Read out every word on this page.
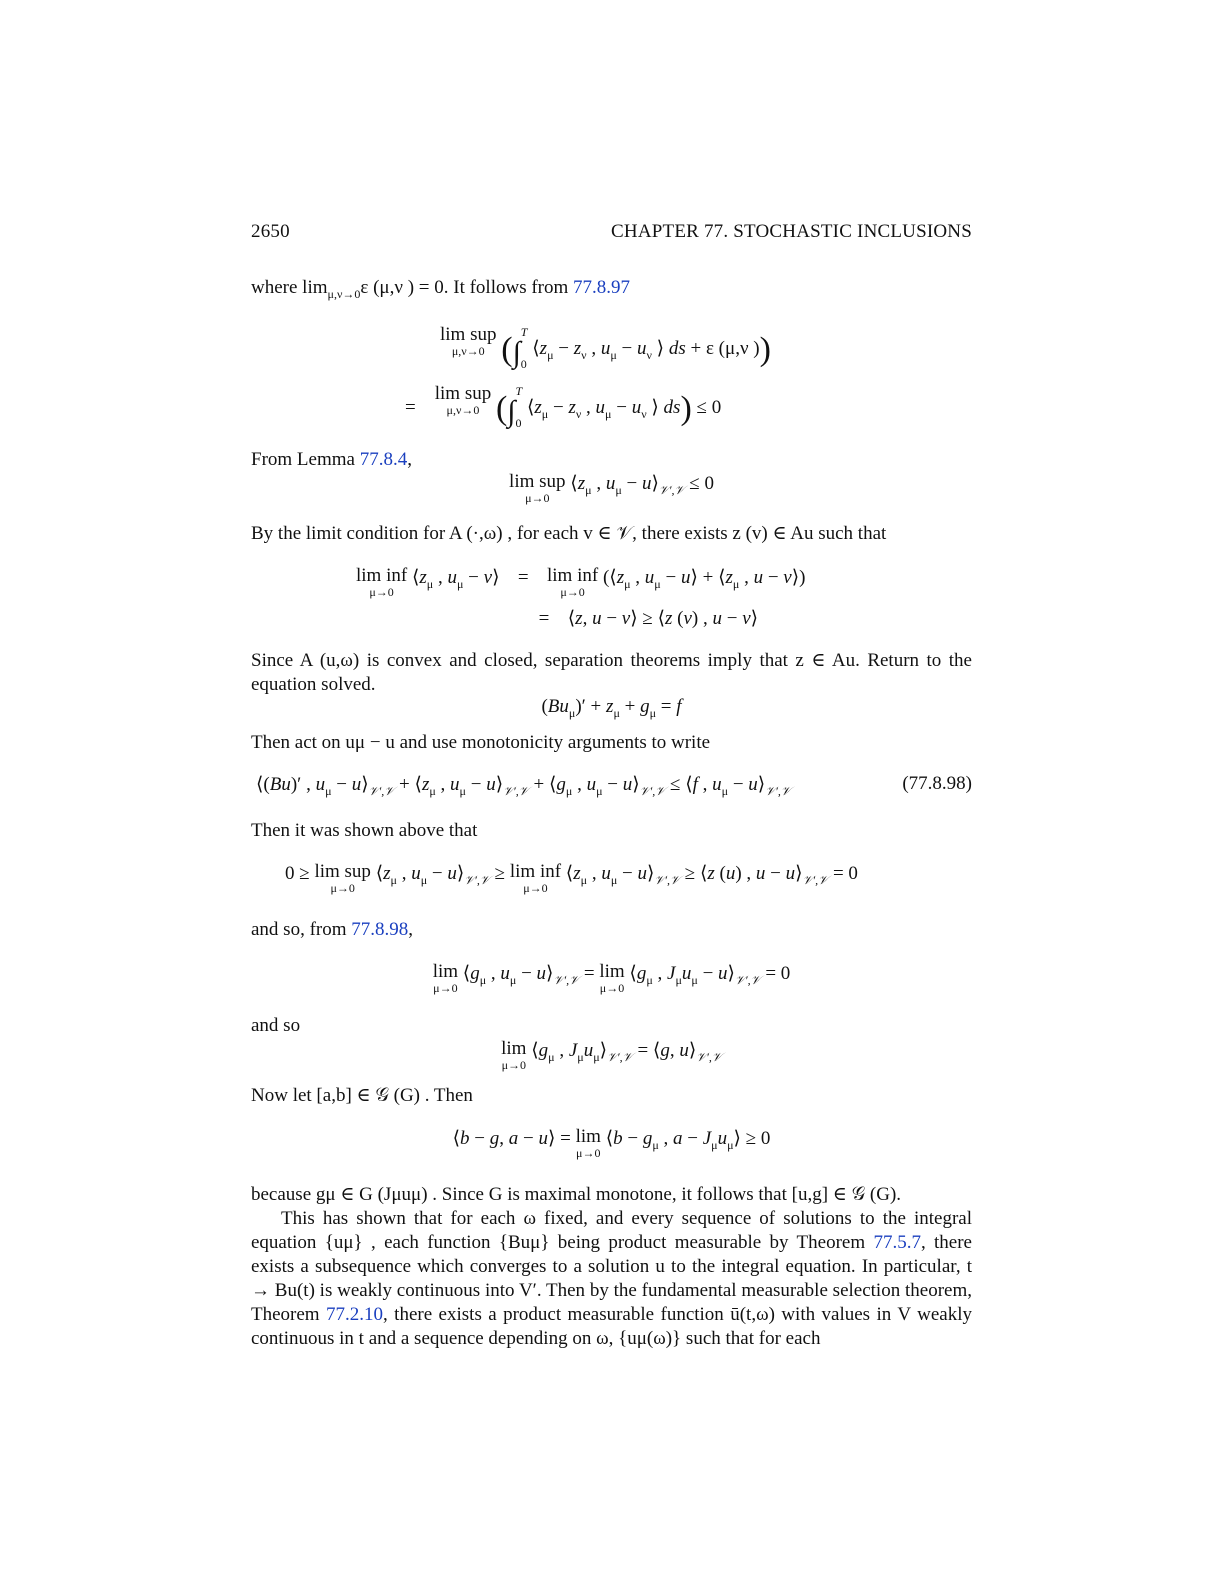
2650	CHAPTER 77. STOCHASTIC INCLUSIONS
where $\lim_{\mu,\nu\to 0}\varepsilon$ (μ,ν ) = 0. It follows from 77.8.97
lim sup
μ,ν→0 ($\int_0^T$ $⟨z_\mu - z_\nu$ , $u_\mu - u_\nu$ ⟩ ds + ε (μ,ν ))
=    lim sup
μ,ν→0 ($\int_0^T$ $⟨z_\mu - z_\nu$ , $u_\mu - u_\nu$ ⟩ ds) ≤ 0
From Lemma 77.8.4,
lim sup
μ→0
$⟨z_\mu$ , $u_\mu$ − $u⟩_{𝒱',𝒱} \le 0$
By the limit condition for A (·,ω) , for each v ∈ 𝒱, there exists z (v) ∈ Au such that
lim inf
μ→0
$⟨z_\mu$ , $u_\mu$ − v⟩ = lim inf
μ→0
($⟨z_\mu$ , $u_\mu$ − u⟩ + $⟨z_\mu$ , u − v⟩)
= ⟨z, u − v⟩ ≥ ⟨z (v) , u − v⟩
Since A (u,ω) is convex and closed, separation theorems imply that z ∈ Au. Return to the equation solved.
$(Bu_\mu)' + z_\mu + g_\mu = f$
Then act on uμ − u and use monotonicity arguments to write
⟨(Bu)′ , $u_\mu$ − $u⟩_{𝒱',𝒱}$ + $⟨z_\mu$ , $u_\mu$ − $u⟩_{𝒱',𝒱}$ + $⟨g_\mu$ , $u_\mu$ − $u⟩_{𝒱',𝒱}$ ≤ ⟨f , $u_\mu$ − $u⟩_{𝒱',𝒱}$	(77.8.98)
Then it was shown above that
0 ≥ lim sup
μ→0
$⟨z_\mu$ , $u_\mu$ − $u⟩_{𝒱',𝒱} \ge \lim$ inf
μ→0
$⟨z_\mu$ , $u_\mu$ − $u⟩_{𝒱',𝒱}$ ≥ ⟨z (u) , $u - u⟩_{𝒱',𝒱} = 0$
and so, from 77.8.98,
lim
μ→0
$⟨g_\mu$ , $u_\mu$ − $u⟩_{𝒱',𝒱} = \lim$
μ→0
$⟨g_\mu$ , $J_\mu u_\mu$ − $u⟩_{𝒱',𝒱} = 0$
and so
lim
μ→0
$⟨g_\mu$ , $J_\mu u_\mu⟩_{𝒱',𝒱}$ = ⟨g, $u⟩_{𝒱',𝒱}$
Now let [a,b] ∈ 𝒢 (G) . Then
⟨b − g, a − u⟩ = lim
μ→0
⟨b − $g_\mu$ , $a - J_\mu u_\mu⟩ \ge 0$
because gμ ∈ G (Jμuμ) . Since G is maximal monotone, it follows that [u,g] ∈ 𝒢 (G).
This has shown that for each ω fixed, and every sequence of solutions to the integral equation {uμ} , each function {Buμ} being product measurable by Theorem 77.5.7, there exists a subsequence which converges to a solution u to the integral equation. In particular, t → Bu(t) is weakly continuous into V′. Then by the fundamental measurable selection theorem, Theorem 77.2.10, there exists a product measurable function ū(t,ω) with values in V weakly continuous in t and a sequence depending on ω, {uμ(ω)} such that for each
